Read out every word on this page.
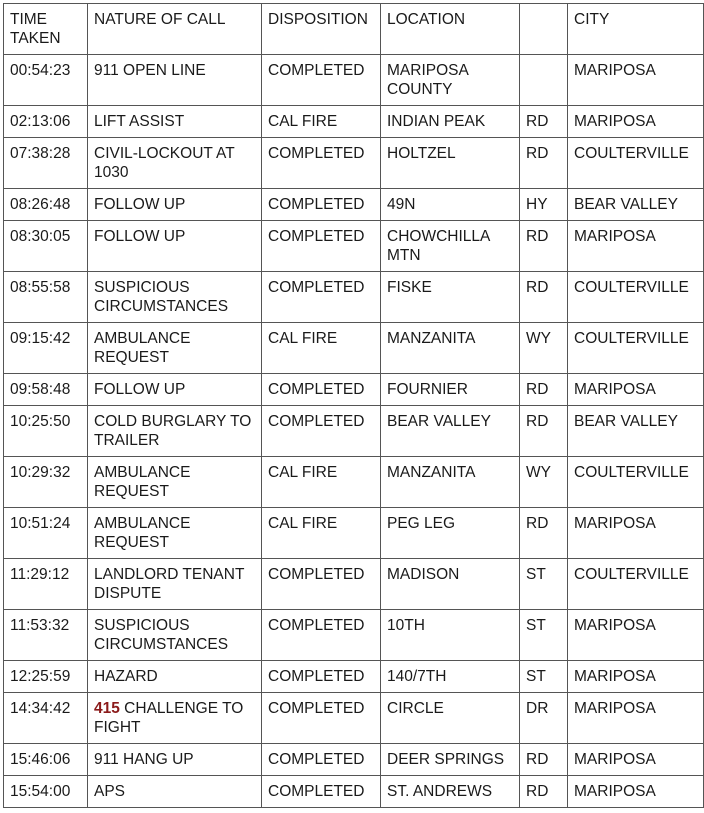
TIME TAKEN	NATURE OF CALL	DISPOSITION	LOCATION		CITY
00:54:23	911 OPEN LINE	COMPLETED	MARIPOSA COUNTY		MARIPOSA
02:13:06	LIFT ASSIST	CAL FIRE	INDIAN PEAK	RD	MARIPOSA
07:38:28	CIVIL-LOCKOUT AT 1030	COMPLETED	HOLTZEL	RD	COULTERVILLE
08:26:48	FOLLOW UP	COMPLETED	49N	HY	BEAR VALLEY
08:30:05	FOLLOW UP	COMPLETED	CHOWCHILLA MTN	RD	MARIPOSA
08:55:58	SUSPICIOUS CIRCUMSTANCES	COMPLETED	FISKE	RD	COULTERVILLE
09:15:42	AMBULANCE REQUEST	CAL FIRE	MANZANITA	WY	COULTERVILLE
09:58:48	FOLLOW UP	COMPLETED	FOURNIER	RD	MARIPOSA
10:25:50	COLD BURGLARY TO TRAILER	COMPLETED	BEAR VALLEY	RD	BEAR VALLEY
10:29:32	AMBULANCE REQUEST	CAL FIRE	MANZANITA	WY	COULTERVILLE
10:51:24	AMBULANCE REQUEST	CAL FIRE	PEG LEG	RD	MARIPOSA
11:29:12	LANDLORD TENANT DISPUTE	COMPLETED	MADISON	ST	COULTERVILLE
11:53:32	SUSPICIOUS CIRCUMSTANCES	COMPLETED	10TH	ST	MARIPOSA
12:25:59	HAZARD	COMPLETED	140/7TH	ST	MARIPOSA
14:34:42	415 CHALLENGE TO FIGHT	COMPLETED	CIRCLE	DR	MARIPOSA
15:46:06	911 HANG UP	COMPLETED	DEER SPRINGS	RD	MARIPOSA
15:54:00	APS	COMPLETED	ST. ANDREWS	RD	MARIPOSA
